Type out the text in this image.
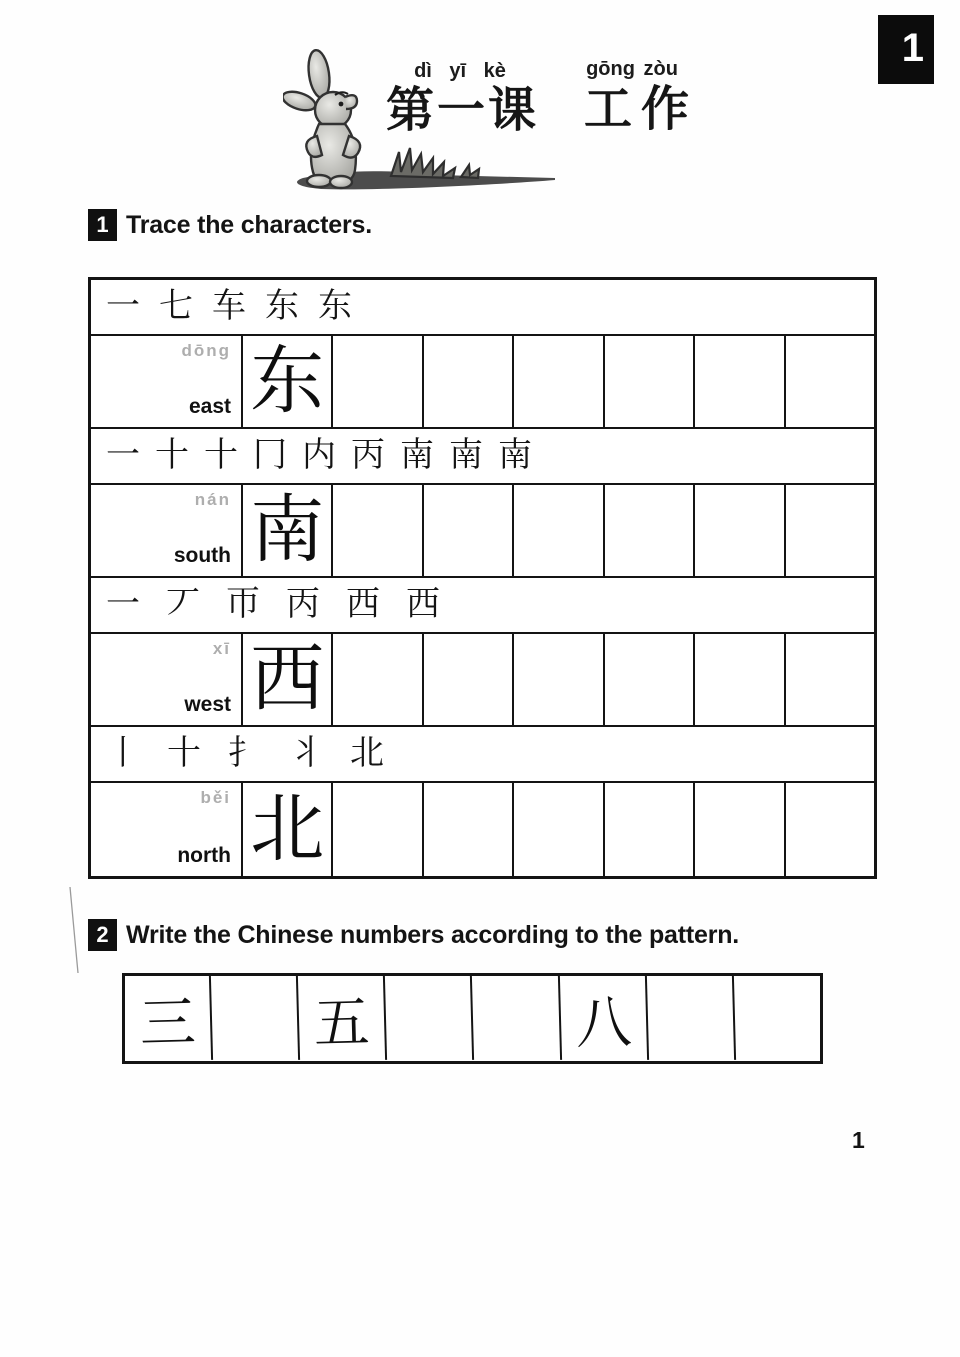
1
dì yī kè
第一课
gōng zòu
工作
1 Trace the characters.
一 七 车 东 东
dōng
east 东
一 十 十 冂 内 丙 南 南 南
nán
south 南
一 丆 帀 丙 西 西
xī
west 西
丨 十 扌 丬 北
běi
north 北
2 Write the Chinese numbers according to the pattern.
三 五	八
1
